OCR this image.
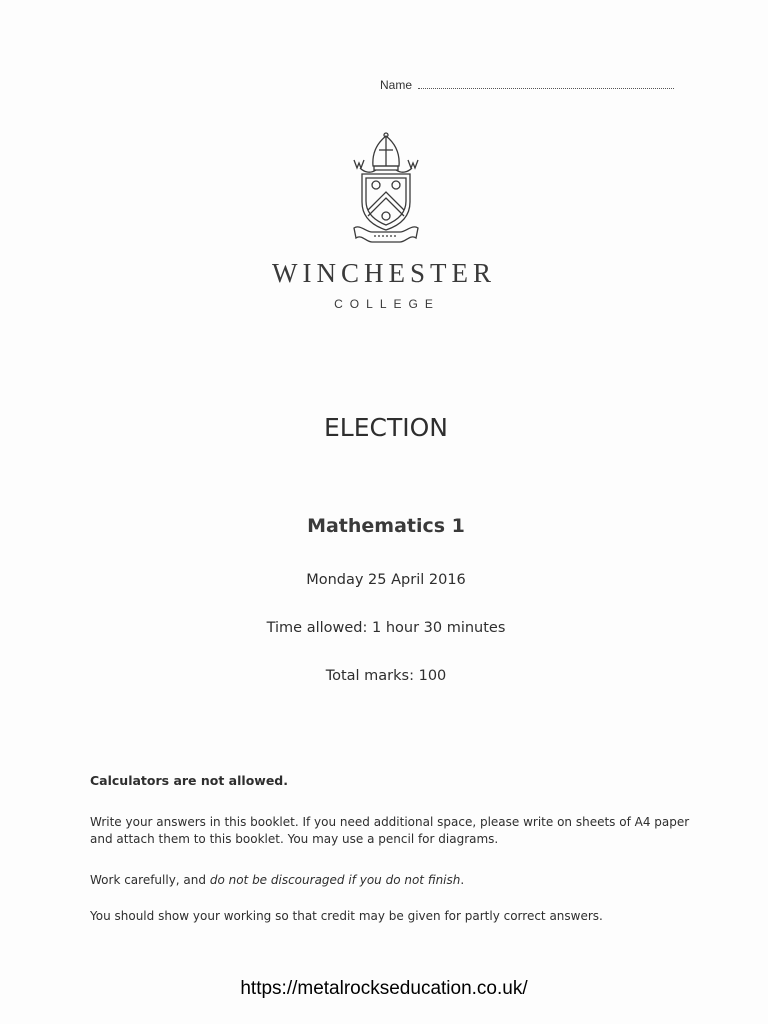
Name
WINCHESTER
COLLEGE
ELECTION
Mathematics 1
Monday 25 April 2016
Time allowed: 1 hour 30 minutes
Total marks: 100
Calculators are not allowed.
Write your answers in this booklet. If you need additional space, please write on sheets of A4 paper
and attach them to this booklet. You may use a pencil for diagrams.
Work carefully, and do not be discouraged if you do not finish.
You should show your working so that credit may be given for partly correct answers.
https://metalrockseducation.co.uk/
